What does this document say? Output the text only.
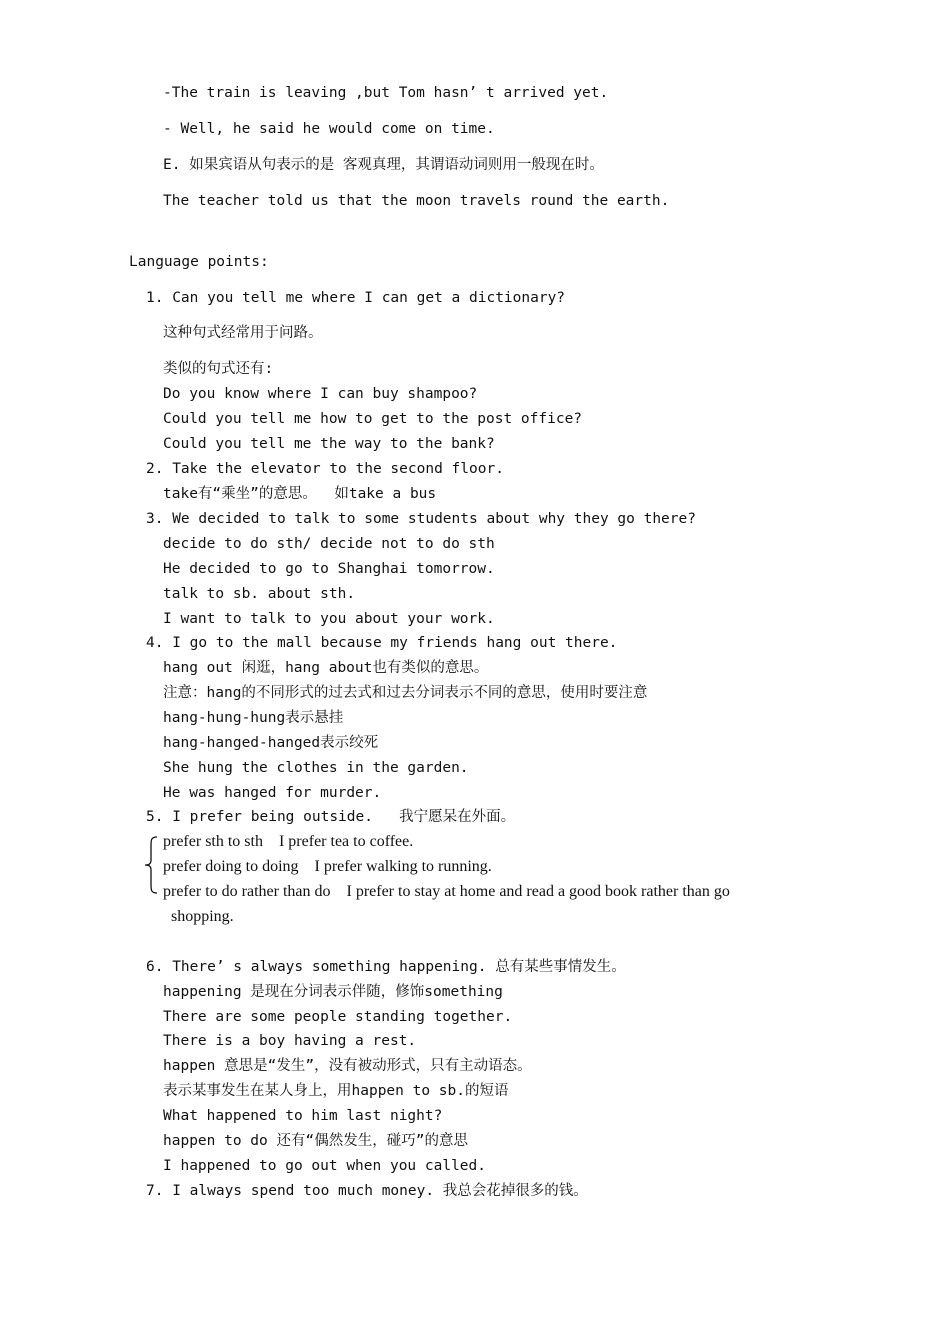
-The train is leaving ,but Tom hasn’ t arrived yet.

- Well, he said he would come on time.

E. 如果宾语从句表示的是 客观真理，其谓语动词则用一般现在时。

The teacher told us that the moon travels round the earth.

Language points:

1. Can you tell me where I can get a dictionary?

这种句式经常用于问路。

类似的句式还有:

Do you know where I can buy shampoo?

Could you tell me how to get to the post office?

Could you tell me the way to the bank?

2. Take the elevator to the second floor.

take有“乘坐”的意思。  如take a bus

3. We decided to talk to some students about why they go there?

decide to do sth/ decide not to do sth

He decided to go to Shanghai tomorrow.

talk to sb. about sth.

I want to talk to you about your work.

4. I go to the mall because my friends hang out there.

hang out 闲逛，hang about也有类似的意思。

注意：hang的不同形式的过去式和过去分词表示不同的意思，使用时要注意

hang-hung-hung表示悬挂

hang-hanged-hanged表示绞死

She hung the clothes in the garden.

He was hanged for murder.

5. I prefer being outside.   我宁愿呆在外面。

prefer sth to sth    I prefer tea to coffee.

prefer doing to doing    I prefer walking to running.

prefer to do rather than do    I prefer to stay at home and read a good book rather than go

shopping.

6. There’ s always something happening. 总有某些事情发生。

happening 是现在分词表示伴随，修饰something

There are some people standing together.

There is a boy having a rest.

happen 意思是“发生”，没有被动形式，只有主动语态。

表示某事发生在某人身上，用happen to sb.的短语

What happened to him last night?

happen to do 还有“偶然发生，碰巧”的意思

I happened to go out when you called.

7. I always spend too much money. 我总会花掉很多的钱。
